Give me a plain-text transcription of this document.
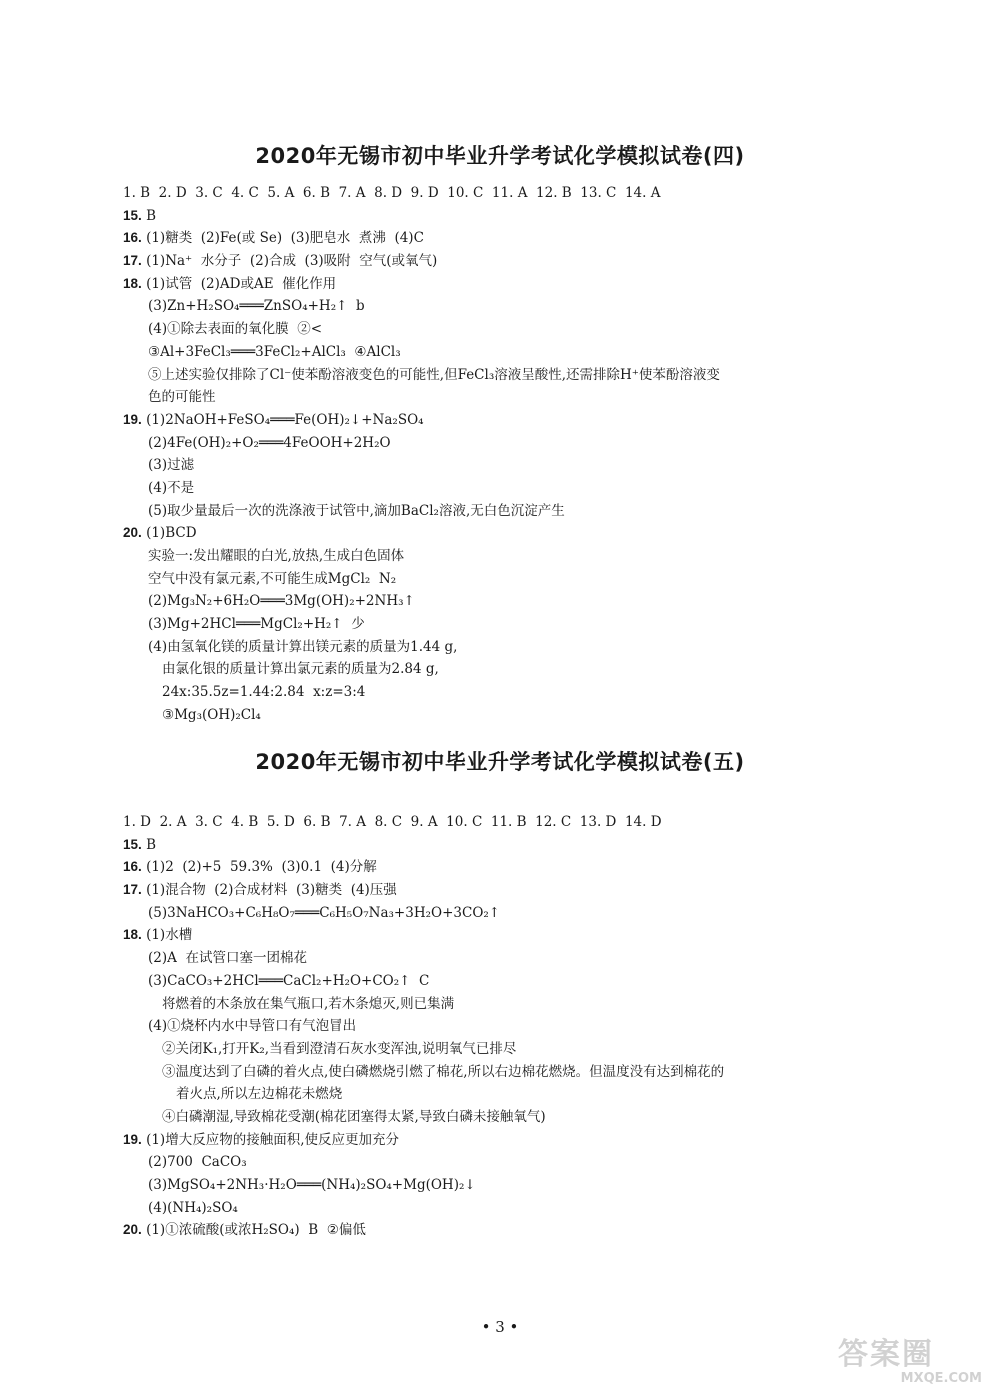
2020年无锡市初中毕业升学考试化学模拟试卷(四)
1. B  2. D  3. C  4. C  5. A  6. B  7. A  8. D  9. D  10. C  11. A  12. B  13. C  14. A
15. B
16. (1)糖类  (2)Fe(或 Se)  (3)肥皂水  煮沸  (4)C
17. (1)Na⁺  水分子  (2)合成  (3)吸附  空气(或氧气)
18. (1)试管  (2)AD或AE  催化作用
(3)Zn+H₂SO₄═══ZnSO₄+H₂↑  b
(4)①除去表面的氧化膜  ②<
③Al+3FeCl₃═══3FeCl₂+AlCl₃  ④AlCl₃
⑤上述实验仅排除了Cl⁻使苯酚溶液变色的可能性,但FeCl₃溶液呈酸性,还需排除H⁺使苯酚溶液变
色的可能性
19. (1)2NaOH+FeSO₄═══Fe(OH)₂↓+Na₂SO₄
(2)4Fe(OH)₂+O₂═══4FeOOH+2H₂O
(3)过滤
(4)不是
(5)取少量最后一次的洗涤液于试管中,滴加BaCl₂溶液,无白色沉淀产生
20. (1)BCD
实验一:发出耀眼的白光,放热,生成白色固体
空气中没有氯元素,不可能生成MgCl₂  N₂
(2)Mg₃N₂+6H₂O═══3Mg(OH)₂+2NH₃↑
(3)Mg+2HCl═══MgCl₂+H₂↑  少
(4)由氢氧化镁的质量计算出镁元素的质量为1.44 g,
由氯化银的质量计算出氯元素的质量为2.84 g,
24x:35.5z=1.44:2.84  x:z=3:4
③Mg₃(OH)₂Cl₄
2020年无锡市初中毕业升学考试化学模拟试卷(五)
1. D  2. A  3. C  4. B  5. D  6. B  7. A  8. C  9. A  10. C  11. B  12. C  13. D  14. D
15. B
16. (1)2  (2)+5  59.3%  (3)0.1  (4)分解
17. (1)混合物  (2)合成材料  (3)糖类  (4)压强
(5)3NaHCO₃+C₆H₈O₇═══C₆H₅O₇Na₃+3H₂O+3CO₂↑
18. (1)水槽
(2)A  在试管口塞一团棉花
(3)CaCO₃+2HCl═══CaCl₂+H₂O+CO₂↑  C
将燃着的木条放在集气瓶口,若木条熄灭,则已集满
(4)①烧杯内水中导管口有气泡冒出
②关闭K₁,打开K₂,当看到澄清石灰水变浑浊,说明氧气已排尽
③温度达到了白磷的着火点,使白磷燃烧引燃了棉花,所以右边棉花燃烧。但温度没有达到棉花的
着火点,所以左边棉花未燃烧
④白磷潮湿,导致棉花受潮(棉花团塞得太紧,导致白磷未接触氧气)
19. (1)增大反应物的接触面积,使反应更加充分
(2)700  CaCO₃
(3)MgSO₄+2NH₃·H₂O═══(NH₄)₂SO₄+Mg(OH)₂↓
(4)(NH₄)₂SO₄
20. (1)①浓硫酸(或浓H₂SO₄)  B  ②偏低
• 3 •
答案圈
MXQE.COM
